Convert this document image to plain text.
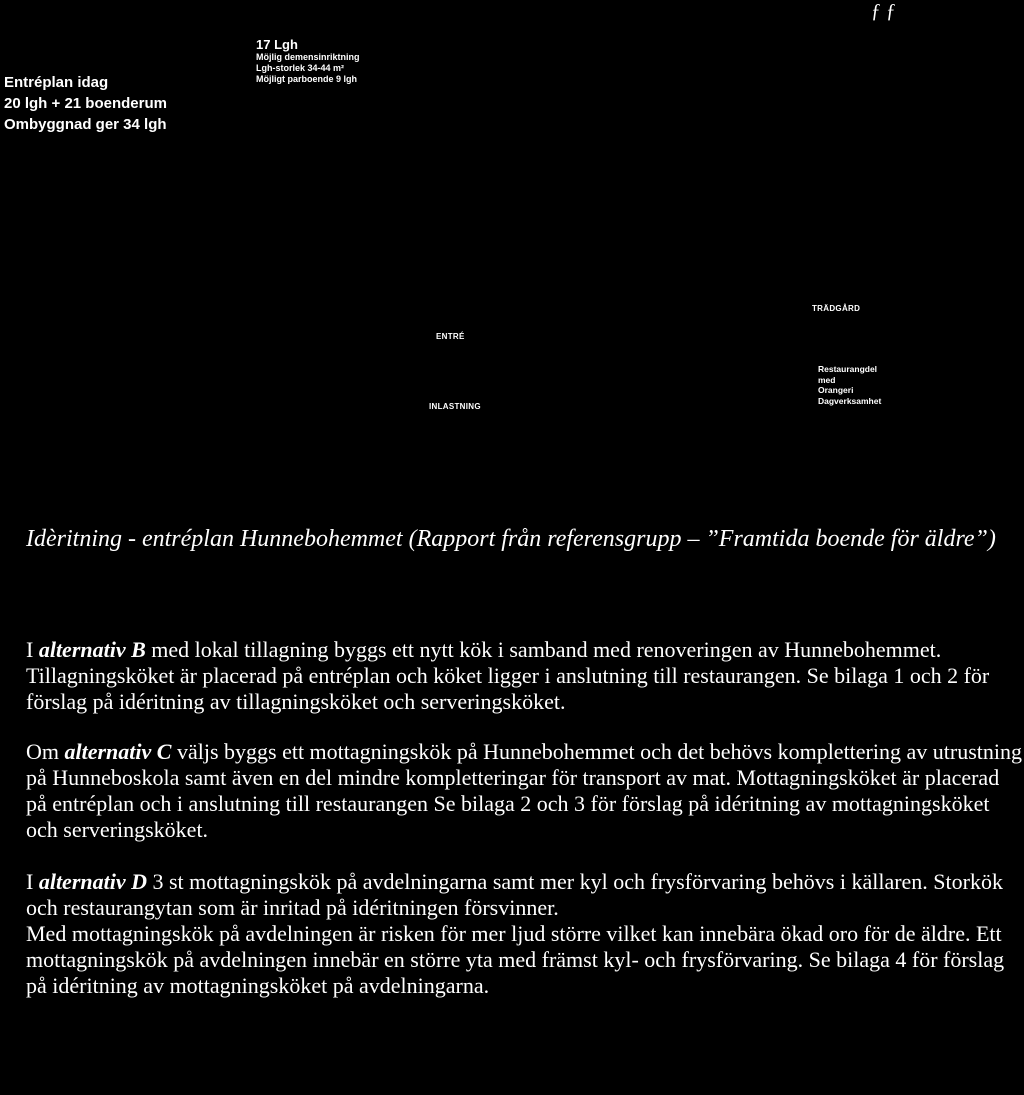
ƒ ƒ
Entréplan idag
20 lgh + 21 boenderum
Ombyggnad ger 34 lgh
17 Lgh
Möjlig demensinriktning
Lgh-storlek 34-44 m²
Möjligt parboende 9 lgh
TRÄDGÅRD
ENTRÉ
INLASTNING
Restaurangdel
med
Orangeri
Dagverksamhet
Idèritning - entréplan Hunnebohemmet (Rapport från referensgrupp – ”Framtida boende för äldre”)

I alternativ B med lokal tillagning byggs ett nytt kök i samband med renoveringen av Hunnebohemmet. Tillagningsköket är placerad på entréplan och köket ligger i anslutning till restaurangen. Se bilaga 1 och 2 för förslag på idéritning av tillagningsköket och serveringsköket.

Om alternativ C väljs byggs ett mottagningskök på Hunnebohemmet och det behövs komplettering av utrustning på Hunneboskola samt även en del mindre kompletteringar för transport av mat. Mottagningsköket är placerad på entréplan och i anslutning till restaurangen Se bilaga 2 och 3 för förslag på idéritning av mottagningsköket och serveringsköket.

I alternativ D 3 st mottagningskök på avdelningarna samt mer kyl och frysförvaring behövs i källaren. Storkök och restaurangytan som är inritad på idéritningen försvinner.

Med mottagningskök på avdelningen är risken för mer ljud större vilket kan innebära ökad oro för de äldre. Ett mottagningskök på avdelningen innebär en större yta med främst kyl- och frysförvaring. Se bilaga 4 för förslag på idéritning av mottagningsköket på avdelningarna.
